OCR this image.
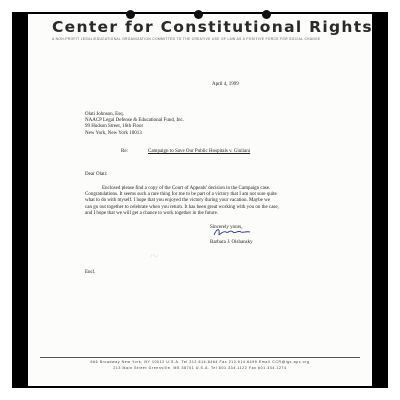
Center for Constitutional Rights
A NON-PROFIT LEGAL/EDUCATIONAL ORGANIZATION COMMITTED TO THE CREATIVE USE OF LAW AS A POSITIVE FORCE FOR SOCIAL CHANGE
April 4, 1999
Olati Johnson, Esq.
NAACP Legal Defense & Educational Fund, Inc.
99 Hudson Street, 16th Floor
New York, New York 10013
Re:	Campaign to Save Our Public Hospitals v. Giuliani
Dear Olati:
Enclosed please find a copy of the Court of Appeals' decision in the Campaign case.
Congratulations. It seems such a rare thing for me to be part of a victory that I am not sure quite
what to do with myself. I hope that you enjoyed the victory during your vacation. Maybe we
can go out together to celebrate when you return. It has been great working with you on the case,
and I hope that we will get a chance to work together in the future.
~
Sincerely yours,
Barbara J. Olshansky
Encl.
666 Broadway New York, NY 10012 U.S.A. Tel 212.614.6464 Fax 212.614.6499 Email CCR@igc.apc.org
213 Main Street Greenville, MS 38701 U.S.A. Tel 601.334.1122 Fax 601.334.1274
